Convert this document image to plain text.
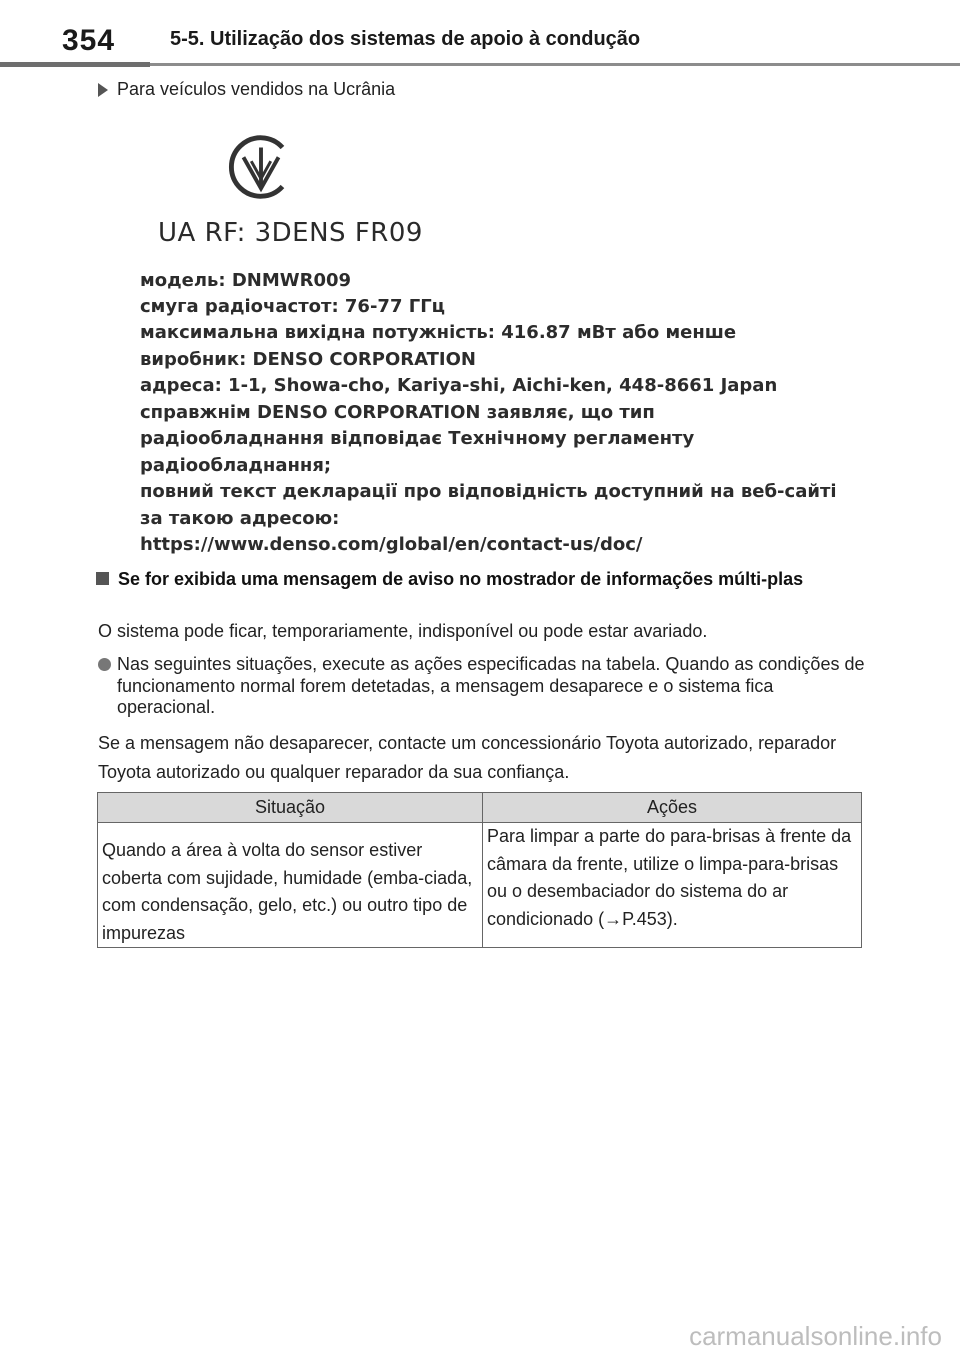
354	5-5. Utilização dos sistemas de apoio à condução
Para veículos vendidos na Ucrânia
UA RF: 3DENS FR09
модель: DNMWR009
смуга радіочастот: 76-77 ГГц
максимальна вихідна потужність: 416.87 мВт або менше
виробник: DENSO CORPORATION
адреса: 1-1, Showa-cho, Kariya-shi, Aichi-ken, 448-8661 Japan
справжнім DENSO CORPORATION заявляє, що тип
радіообладнання відповідає Технічному регламенту
радіообладнання;
повний текст декларації про відповідність доступний на веб-сайті
за такою адресою:
https://www.denso.com/global/en/contact-us/doc/
Se for exibida uma mensagem de aviso no mostrador de informações múlti-plas
O sistema pode ficar, temporariamente, indisponível ou pode estar avariado.
Nas seguintes situações, execute as ações especificadas na tabela. Quando as condições de funcionamento normal forem detetadas, a mensagem desaparece e o sistema fica operacional.
Se a mensagem não desaparecer, contacte um concessionário Toyota autorizado, reparador Toyota autorizado ou qualquer reparador da sua confiança.
Situação	Ações
Quando a área à volta do sensor estiver coberta com sujidade, humidade (emba-ciada, com condensação, gelo, etc.) ou outro tipo de impurezas	Para limpar a parte do para-brisas à frente da câmara da frente, utilize o limpa-para-brisas ou o desembaciador do sistema do ar condicionado (→P.453).
carmanualsonline.info
